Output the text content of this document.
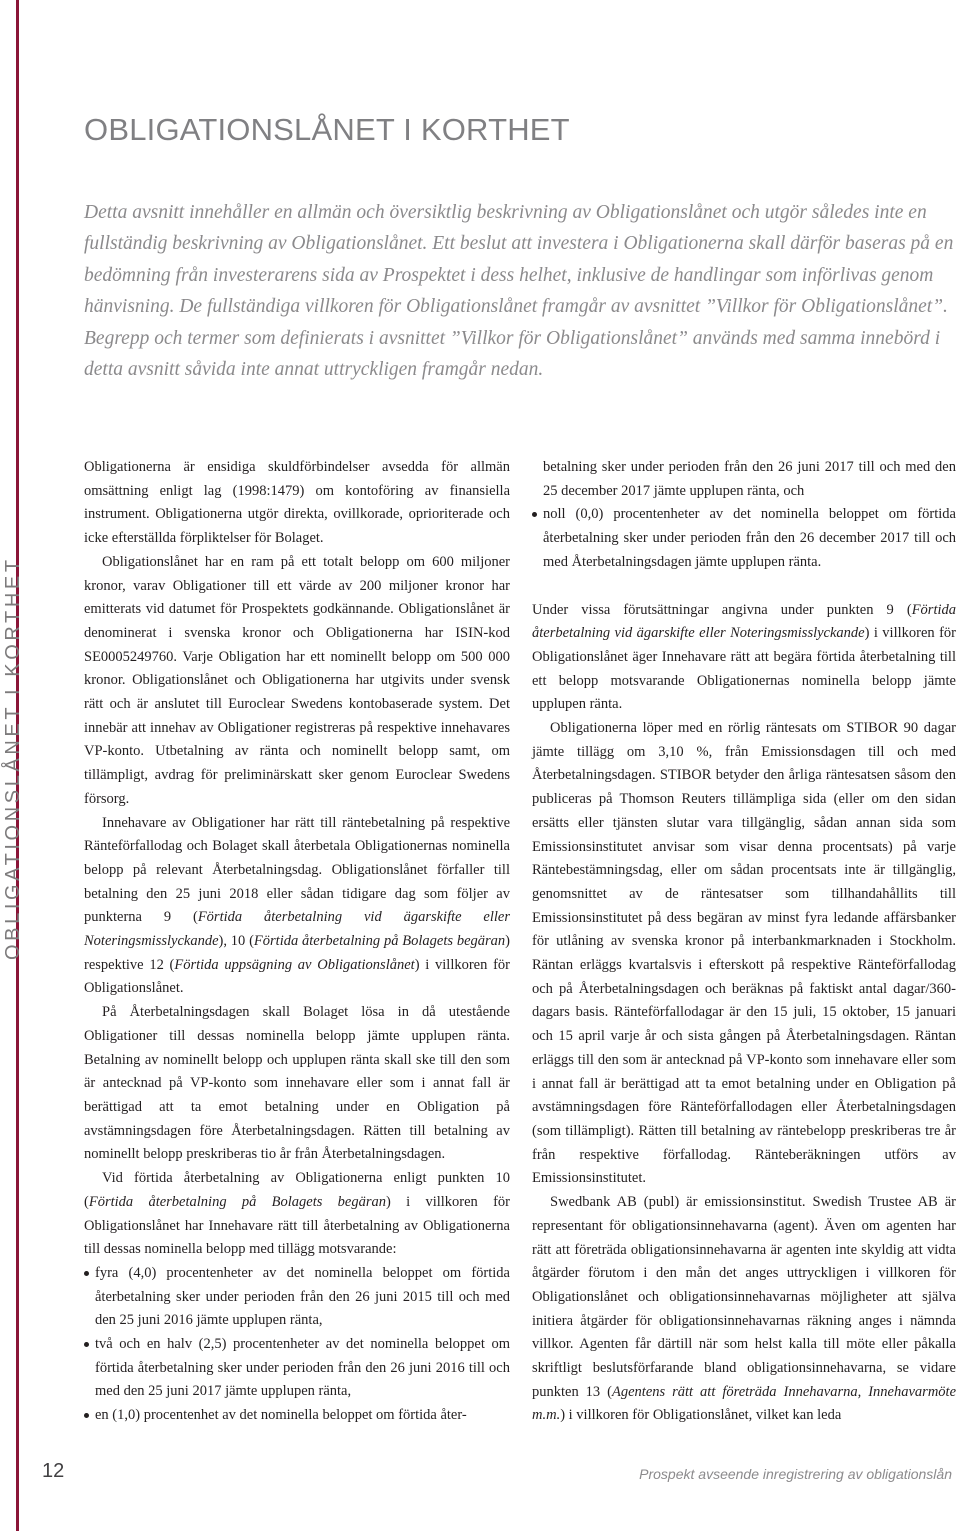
OBLIGATIONSLÅNET I KORTHET
OBLIGATIONSLÅNET I KORTHET

Detta avsnitt innehåller en allmän och översiktlig beskrivning av Obligationslånet och utgör således inte en fullständig beskrivning av Obligationslånet. Ett beslut att investera i Obligationerna skall därför baseras på en bedömning från investerarens sida av Prospektet i dess helhet, inklusive de handlingar som införlivas genom hänvisning. De fullständiga villkoren för Obligationslånet framgår av avsnittet ”Villkor för Obligationslånet”. Begrepp och termer som definierats i avsnittet ”Villkor för Obligationslånet” används med samma innebörd i detta avsnitt såvida inte annat uttryckligen framgår nedan.

Obligationerna är ensidiga skuldförbindelser avsedda för allmän omsättning enligt lag (1998:1479) om kontoföring av finansiella instrument. Obligationerna utgör direkta, ovillkorade, oprioriterade och icke efterställda förpliktelser för Bolaget.

Obligationslånet har en ram på ett totalt belopp om 600 miljoner kronor, varav Obligationer till ett värde av 200 miljoner kronor har emitterats vid datumet för Prospektets godkännande. Obligationslånet är denominerat i svenska kronor och Obligationerna har ISIN-kod SE0005249760. Varje Obligation har ett nominellt belopp om 500 000 kronor. Obligationslånet och Obligationerna har utgivits under svensk rätt och är anslutet till Euroclear Swedens kontobaserade system. Det innebär att innehav av Obligationer registreras på respektive innehavares VP-konto. Utbetalning av ränta och nominellt belopp samt, om tillämpligt, avdrag för preliminärskatt sker genom Euroclear Swedens försorg.

Innehavare av Obligationer har rätt till räntebetalning på respektive Ränteförfallodag och Bolaget skall återbetala Obligationernas nominella belopp på relevant Återbetalningsdag. Obligationslånet förfaller till betalning den 25 juni 2018 eller sådan tidigare dag som följer av punkterna 9 (Förtida återbetalning vid ägarskifte eller Noteringsmisslyckande), 10 (Förtida återbetalning på Bolagets begäran) respektive 12 (Förtida uppsägning av Obligationslånet) i villkoren för Obligationslånet.

På Återbetalningsdagen skall Bolaget lösa in då utestående Obligationer till dessas nominella belopp jämte upplupen ränta. Betalning av nominellt belopp och upplupen ränta skall ske till den som är antecknad på VP-konto som innehavare eller som i annat fall är berättigad att ta emot betalning under en Obligation på avstämningsdagen före Återbetalningsdagen. Rätten till betalning av nominellt belopp preskriberas tio år från Återbetalningsdagen.

Vid förtida återbetalning av Obligationerna enligt punkten 10 (Förtida återbetalning på Bolagets begäran) i villkoren för Obligationslånet har Innehavare rätt till återbetalning av Obligationerna till dessas nominella belopp med tillägg motsvarande:

fyra (4,0) procentenheter av det nominella beloppet om förtida återbetalning sker under perioden från den 26 juni 2015 till och med den 25 juni 2016 jämte upplupen ränta,
två och en halv (2,5) procentenheter av det nominella beloppet om förtida återbetalning sker under perioden från den 26 juni 2016 till och med den 25 juni 2017 jämte upplupen ränta,
en (1,0) procentenhet av det nominella beloppet om förtida åter-

betalning sker under perioden från den 26 juni 2017 till och med den 25 december 2017 jämte upplupen ränta, och

noll (0,0) procentenheter av det nominella beloppet om förtida återbetalning sker under perioden från den 26 december 2017 till och med Återbetalningsdagen jämte upplupen ränta.

Under vissa förutsättningar angivna under punkten 9 (Förtida återbetalning vid ägarskifte eller Noteringsmisslyckande) i villkoren för Obligationslånet äger Innehavare rätt att begära förtida återbetalning till ett belopp motsvarande Obligationernas nominella belopp jämte upplupen ränta.

Obligationerna löper med en rörlig räntesats om STIBOR 90 dagar jämte tillägg om 3,10 %, från Emissionsdagen till och med Återbetalningsdagen. STIBOR betyder den årliga räntesatsen såsom den publiceras på Thomson Reuters tillämpliga sida (eller om den sidan ersätts eller tjänsten slutar vara tillgänglig, sådan annan sida som Emissionsinstitutet anvisar som visar denna procentsats) på varje Räntebestämningsdag, eller om sådan procentsats inte är tillgänglig, genomsnittet av de räntesatser som tillhandahållits till Emissionsinstitutet på dess begäran av minst fyra ledande affärsbanker för utlåning av svenska kronor på interbankmarknaden i Stockholm. Räntan erläggs kvartalsvis i efterskott på respektive Ränteförfallodag och på Återbetalningsdagen och beräknas på faktiskt antal dagar/360-dagars basis. Ränteförfallodagar är den 15 juli, 15 oktober, 15 januari och 15 april varje år och sista gången på Återbetalningsdagen. Räntan erläggs till den som är antecknad på VP-konto som innehavare eller som i annat fall är berättigad att ta emot betalning under en Obligation på avstämningsdagen före Ränteförfallodagen eller Återbetalningsdagen (som tillämpligt). Rätten till betalning av räntebelopp preskriberas tre år från respektive förfallodag. Ränteberäkningen utförs av Emissionsinstitutet.

Swedbank AB (publ) är emissionsinstitut. Swedish Trustee AB är representant för obligationsinnehavarna (agent). Även om agenten har rätt att företräda obligationsinnehavarna är agenten inte skyldig att vidta åtgärder förutom i den mån det anges uttryckligen i villkoren för Obligationslånet och obligationsinnehavarnas möjligheter att själva initiera åtgärder för obligationsinnehavarnas räkning anges i nämnda villkor. Agenten får därtill när som helst kalla till möte eller påkalla skriftligt beslutsförfarande bland obligationsinnehavarna, se vidare punkten 13 (Agentens rätt att företräda Innehavarna, Innehavarmöte m.m.) i villkoren för Obligationslånet, vilket kan leda

12	Prospekt avseende inregistrering av obligationslån
